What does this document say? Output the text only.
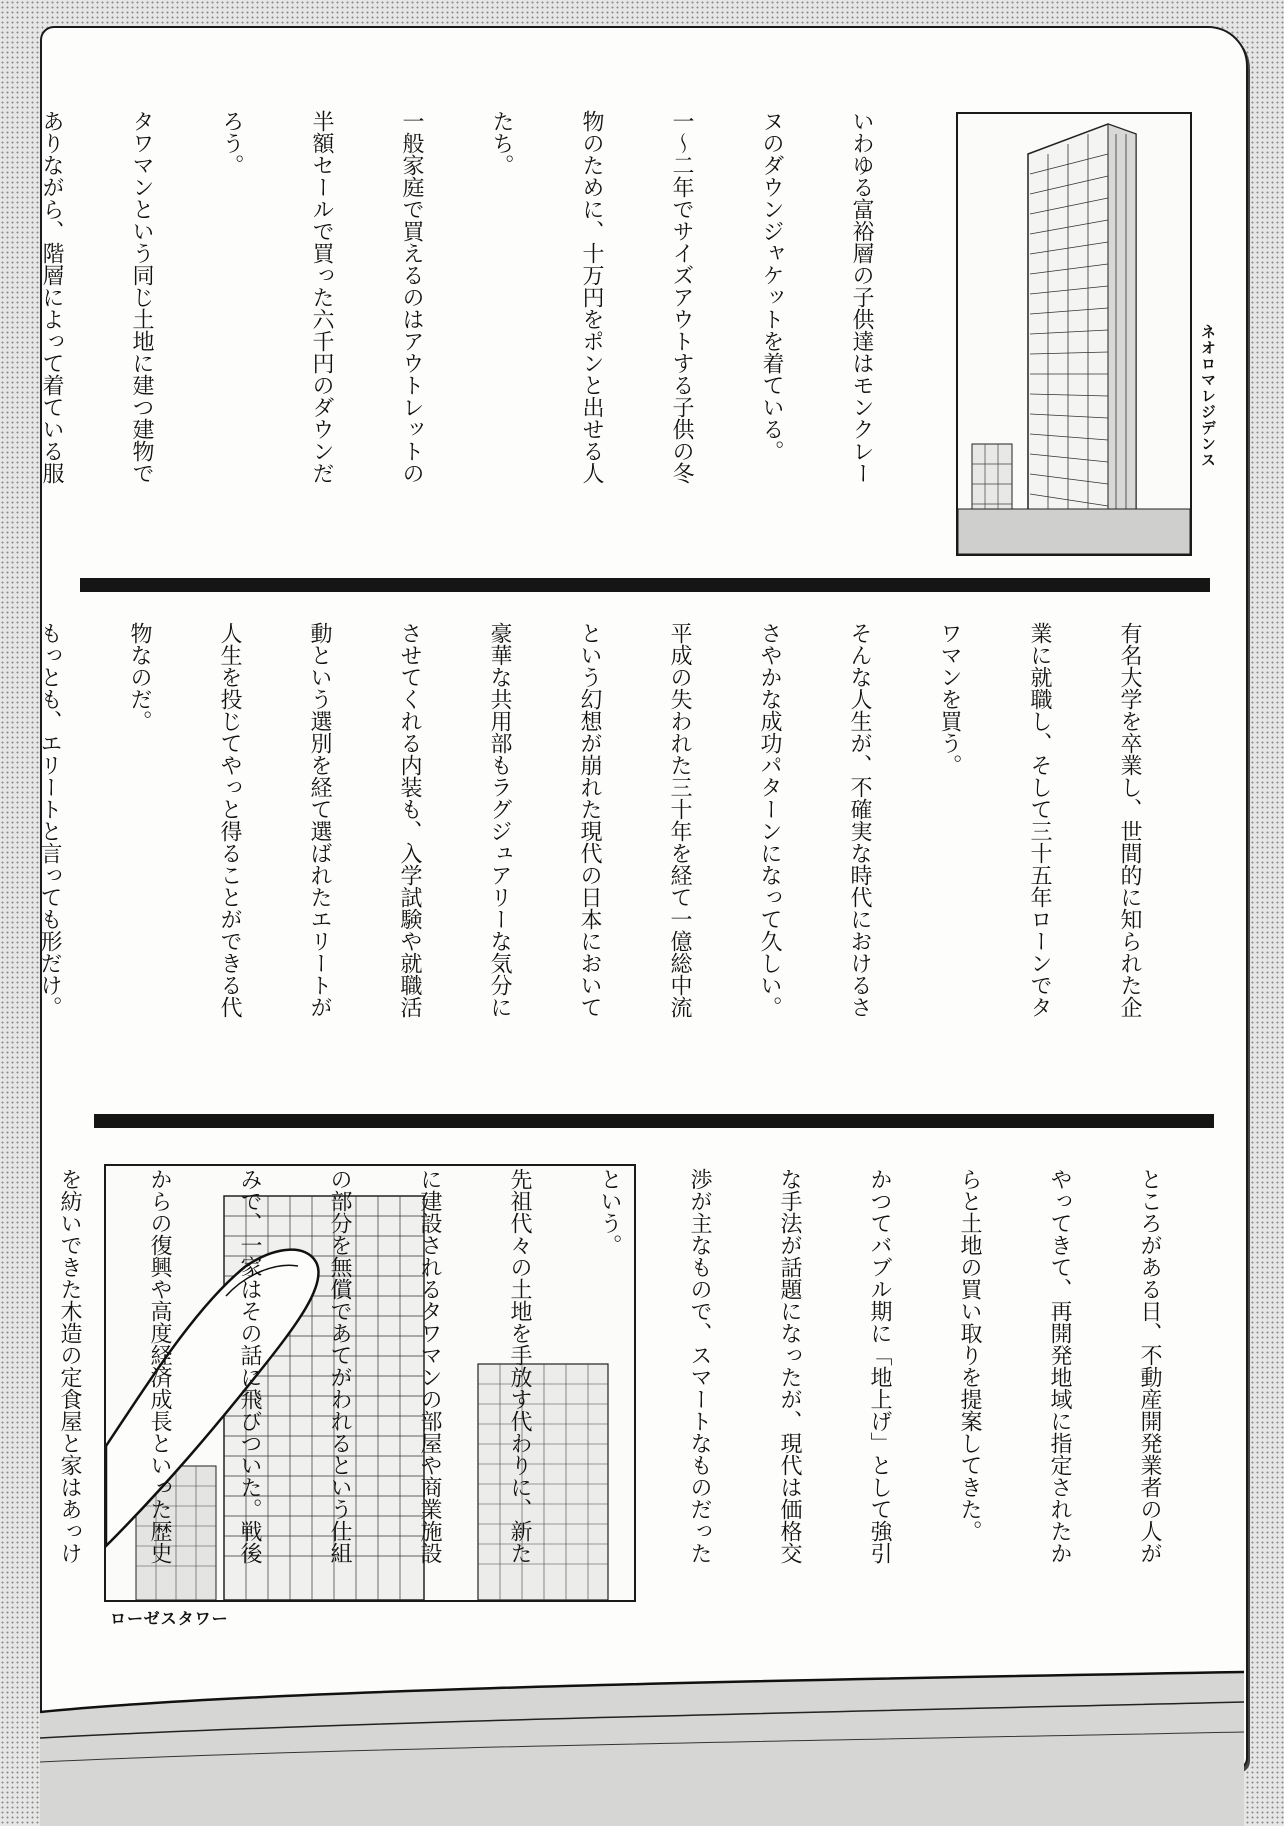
ネオロマレジデンス

いわゆる富裕層の子供達はモンクレー

ヌのダウンジャケットを着ている。

一〜二年でサイズアウトする子供の冬

物のために、十万円をポンと出せる人

たち。

一般家庭で買えるのはアウトレットの

半額セールで買った六千円のダウンだ

ろう。

タワマンという同じ土地に建つ建物で

ありながら、階層によって着ている服

有名大学を卒業し、世間的に知られた企

業に就職し、そして三十五年ローンでタ

ワマンを買う。

そんな人生が、不確実な時代におけるさ

さやかな成功パターンになって久しい。

平成の失われた三十年を経て一億総中流

という幻想が崩れた現代の日本において

豪華な共用部もラグジュアリーな気分に

させてくれる内装も、入学試験や就職活

動という選別を経て選ばれたエリートが

人生を投じてやっと得ることができる代

物なのだ。

もっとも、エリートと言っても形だけ。

ローゼスタワー

ところがある日、不動産開発業者の人が

やってきて、再開発地域に指定されたか

らと土地の買い取りを提案してきた。

かつてバブル期に「地上げ」として強引

な手法が話題になったが、現代は価格交

渉が主なもので、スマートなものだった

という。

先祖代々の土地を手放す代わりに、新た

に建設されるタワマンの部屋や商業施設

の部分を無償であてがわれるという仕組

みで、一家はその話に飛びついた。戦後

からの復興や高度経済成長といった歴史

を紡いできた木造の定食屋と家はあっけ
